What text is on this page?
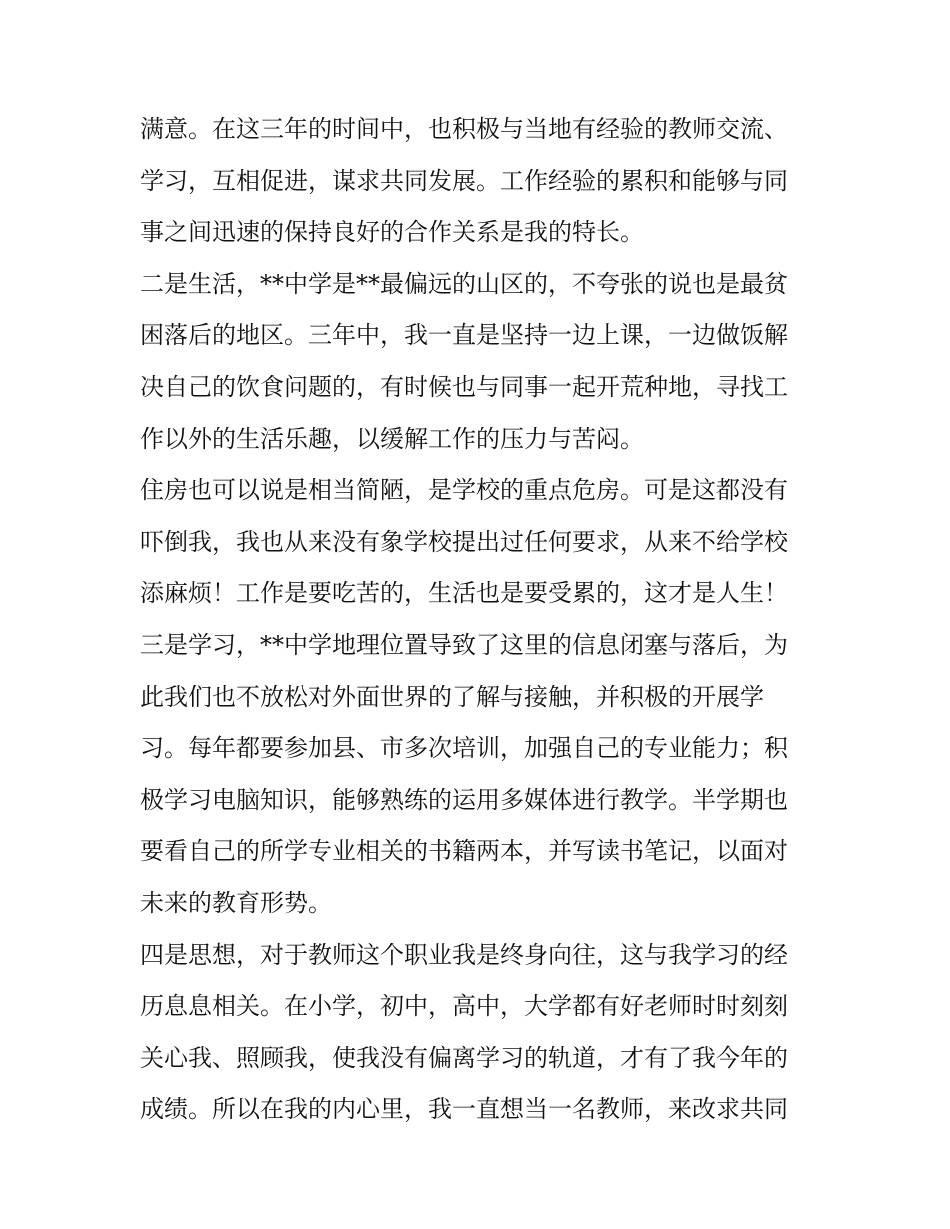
满意。在这三年的时间中，也积极与当地有经验的教师交流、
学习，互相促进，谋求共同发展。工作经验的累积和能够与同
事之间迅速的保持良好的合作关系是我的特长。
二是生活，**中学是**最偏远的山区的，不夸张的说也是最贫
困落后的地区。三年中，我一直是坚持一边上课，一边做饭解
决自己的饮食问题的，有时候也与同事一起开荒种地，寻找工
作以外的生活乐趣，以缓解工作的压力与苦闷。
住房也可以说是相当简陋，是学校的重点危房。可是这都没有
吓倒我，我也从来没有象学校提出过任何要求，从来不给学校
添麻烦！工作是要吃苦的，生活也是要受累的，这才是人生！
三是学习，**中学地理位置导致了这里的信息闭塞与落后，为
此我们也不放松对外面世界的了解与接触，并积极的开展学
习。每年都要参加县、市多次培训，加强自己的专业能力；积
极学习电脑知识，能够熟练的运用多媒体进行教学。半学期也
要看自己的所学专业相关的书籍两本，并写读书笔记，以面对
未来的教育形势。
四是思想，对于教师这个职业我是终身向往，这与我学习的经
历息息相关。在小学，初中，高中，大学都有好老师时时刻刻
关心我、照顾我，使我没有偏离学习的轨道，才有了我今年的
成绩。所以在我的内心里，我一直想当一名教师，来改求共同
